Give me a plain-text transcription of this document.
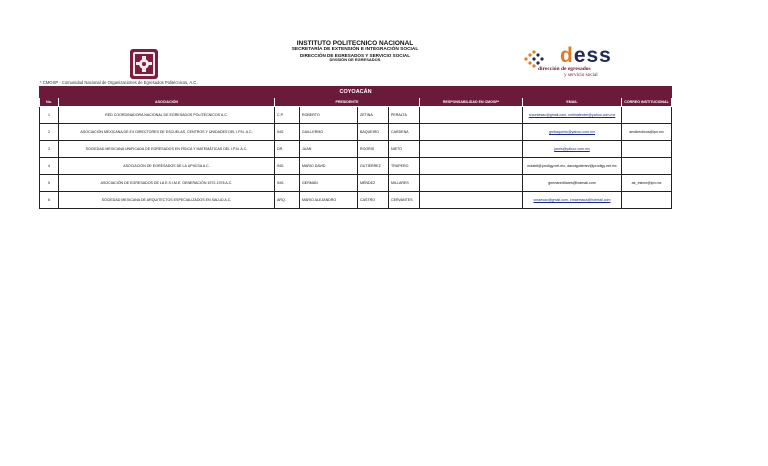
INSTITUTO POLITECNICO NACIONAL
SECRETARÍA DE EXTENSIÓN E INTEGRACIÓN SOCIAL
DIRECCIÓN DE EGRESADOS Y SERVICIO SOCIAL
DIVISIÓN DE EGRESADOS	dess
dirección de egresados
y servicio social
* CMOSP - Comunidad Nacional de Organizaciones de Egresados Politécnicos, A.C.
COYOACÁN								
No.	ASOCIACIÓN	PRESIDENTE				RESPONSABILIDAD EN CMOSP*	EMAIL	CORREO INSTITUCIONAL
1	RED COORDINADORA NACIONAL DE EGRESADOS POLITÉCNICOS A.C.	C.P.	ROBERTO	ZETINA	PERALTA		rzcontesac@gmail.com, rzetinaferder@yahoo.com.mx	
2	ASOCIACIÓN MEXICANA DE EX DIRECTORES DE ESCUELAS, CENTROS Y UNIDADES DEL I.P.N. A.C.	ING.	GUILLERMO	BAQUEIRO	CARDENA		gmbaqueiro@yahoo.com.mx	amdirectivos@ipn.mx
3	SOCIEDAD MEXICANA UNIFICADA DE EGRESADOS EN FÍSICA Y MATEMÁTICAS DEL I.P.N. A.C.	DR.	JUAN	ROORIS	NIETO		jaoris@yahoo.com.mx	
4	ASOCIACIÓN DE EGRESADOS DE LA UPIICSA A.C.	ING.	MARIO DAVID	GUTIÉRREZ	TRAPERO		mdabit@prodigy.net.mx, dacotgutierrez@prodigy.net.mx	
5	ASOCIACIÓN DE EGRESADOS DE LA E.S.I.M.E. GENERACIÓN 1972-1976 A.C.	ING.	GERMÁN	MÉNDEZ	MILLARES		germanmillares@hotmail.com	ae_esime@ipn.mx
6	SOCIEDAD MEXICANA DE ARQUITECTOS ESPECIALIZADOS EN SALUD A.C.	ARQ.	MARIO ALEJANDRO	CASTRO	CERVANTES		cmaesac@gmail.com, cmaemaca@hotmail.com	
